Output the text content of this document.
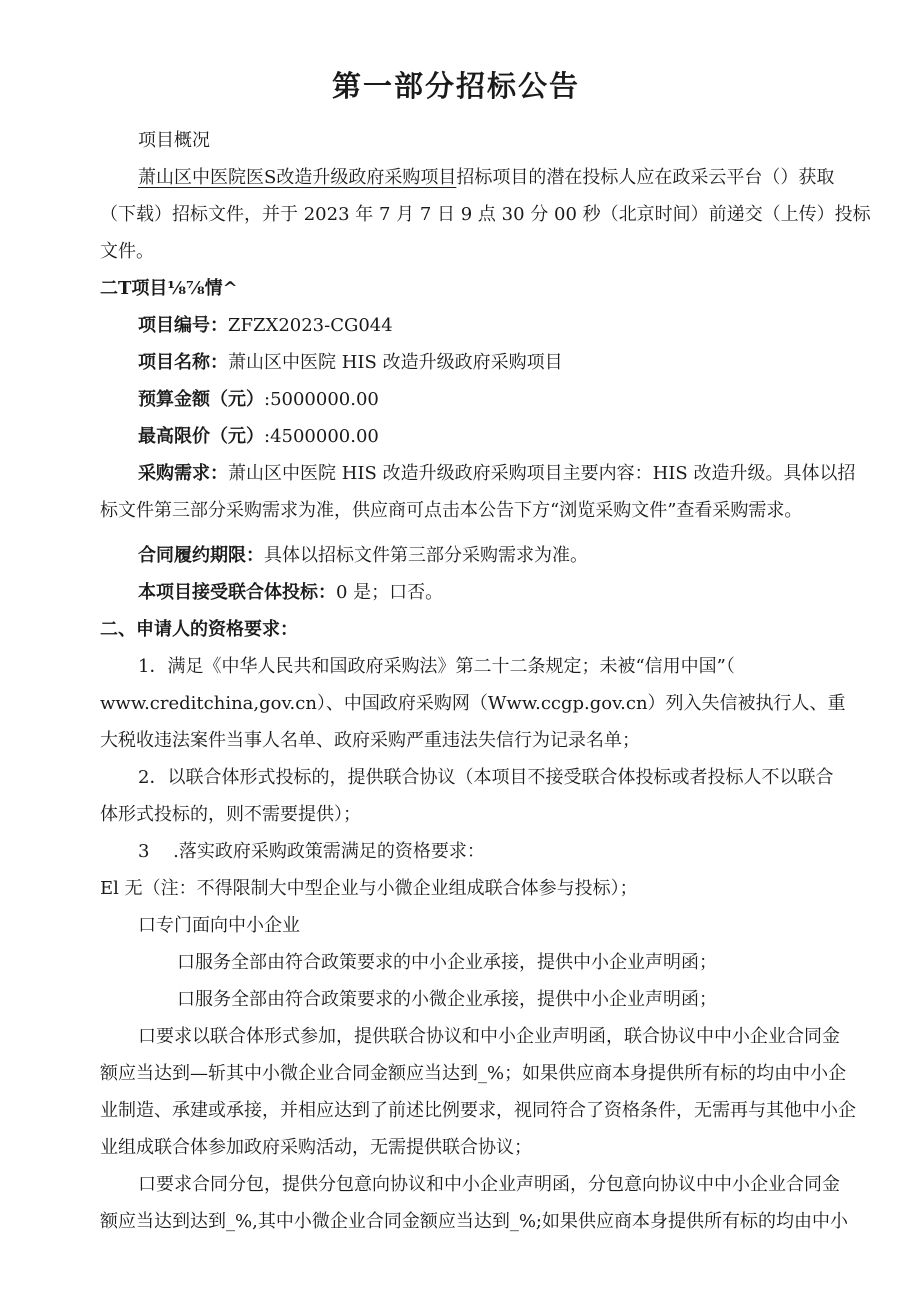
第一部分招标公告
项目概况
萧山区中医院医S改造升级政府采购项目招标项目的潜在投标人应在政采云平台（）获取
（下载）招标文件，并于 2023 年 7 月 7 日 9 点 30 分 00 秒（北京时间）前递交（上传）投标
文件。
二T项目⅛⅞情^
项目编号：ZFZX2023-CG044
项目名称：萧山区中医院 HIS 改造升级政府采购项目
预算金额（元）:5000000.00
最高限价（元）:4500000.00
采购需求：萧山区中医院 HIS 改造升级政府采购项目主要内容：HIS 改造升级。具体以招
标文件第三部分采购需求为准，供应商可点击本公告下方“浏览采购文件”查看采购需求。
合同履约期限：具体以招标文件第三部分采购需求为准。
本项目接受联合体投标：0 是；口否。
二、申请人的资格要求：
1．满足《中华人民共和国政府采购法》第二十二条规定；未被“信用中国”（
www.creditchina,gov.cn）、中国政府采购网（Www.ccgp.gov.cn）列入失信被执行人、重
大税收违法案件当事人名单、政府采购严重违法失信行为记录名单；
2．以联合体形式投标的，提供联合协议（本项目不接受联合体投标或者投标人不以联合
体形式投标的，则不需要提供）；
3　 .落实政府采购政策需满足的资格要求：
El 无（注：不得限制大中型企业与小微企业组成联合体参与投标）；
口专门面向中小企业
口服务全部由符合政策要求的中小企业承接，提供中小企业声明函；
口服务全部由符合政策要求的小微企业承接，提供中小企业声明函；
口要求以联合体形式参加，提供联合协议和中小企业声明函，联合协议中中小企业合同金
额应当达到—斩其中小微企业合同金额应当达到_%；如果供应商本身提供所有标的均由中小企
业制造、承建或承接，并相应达到了前述比例要求，视同符合了资格条件，无需再与其他中小企
业组成联合体参加政府采购活动，无需提供联合协议；
口要求合同分包，提供分包意向协议和中小企业声明函，分包意向协议中中小企业合同金
额应当达到达到_%,其中小微企业合同金额应当达到_%;如果供应商本身提供所有标的均由中小
